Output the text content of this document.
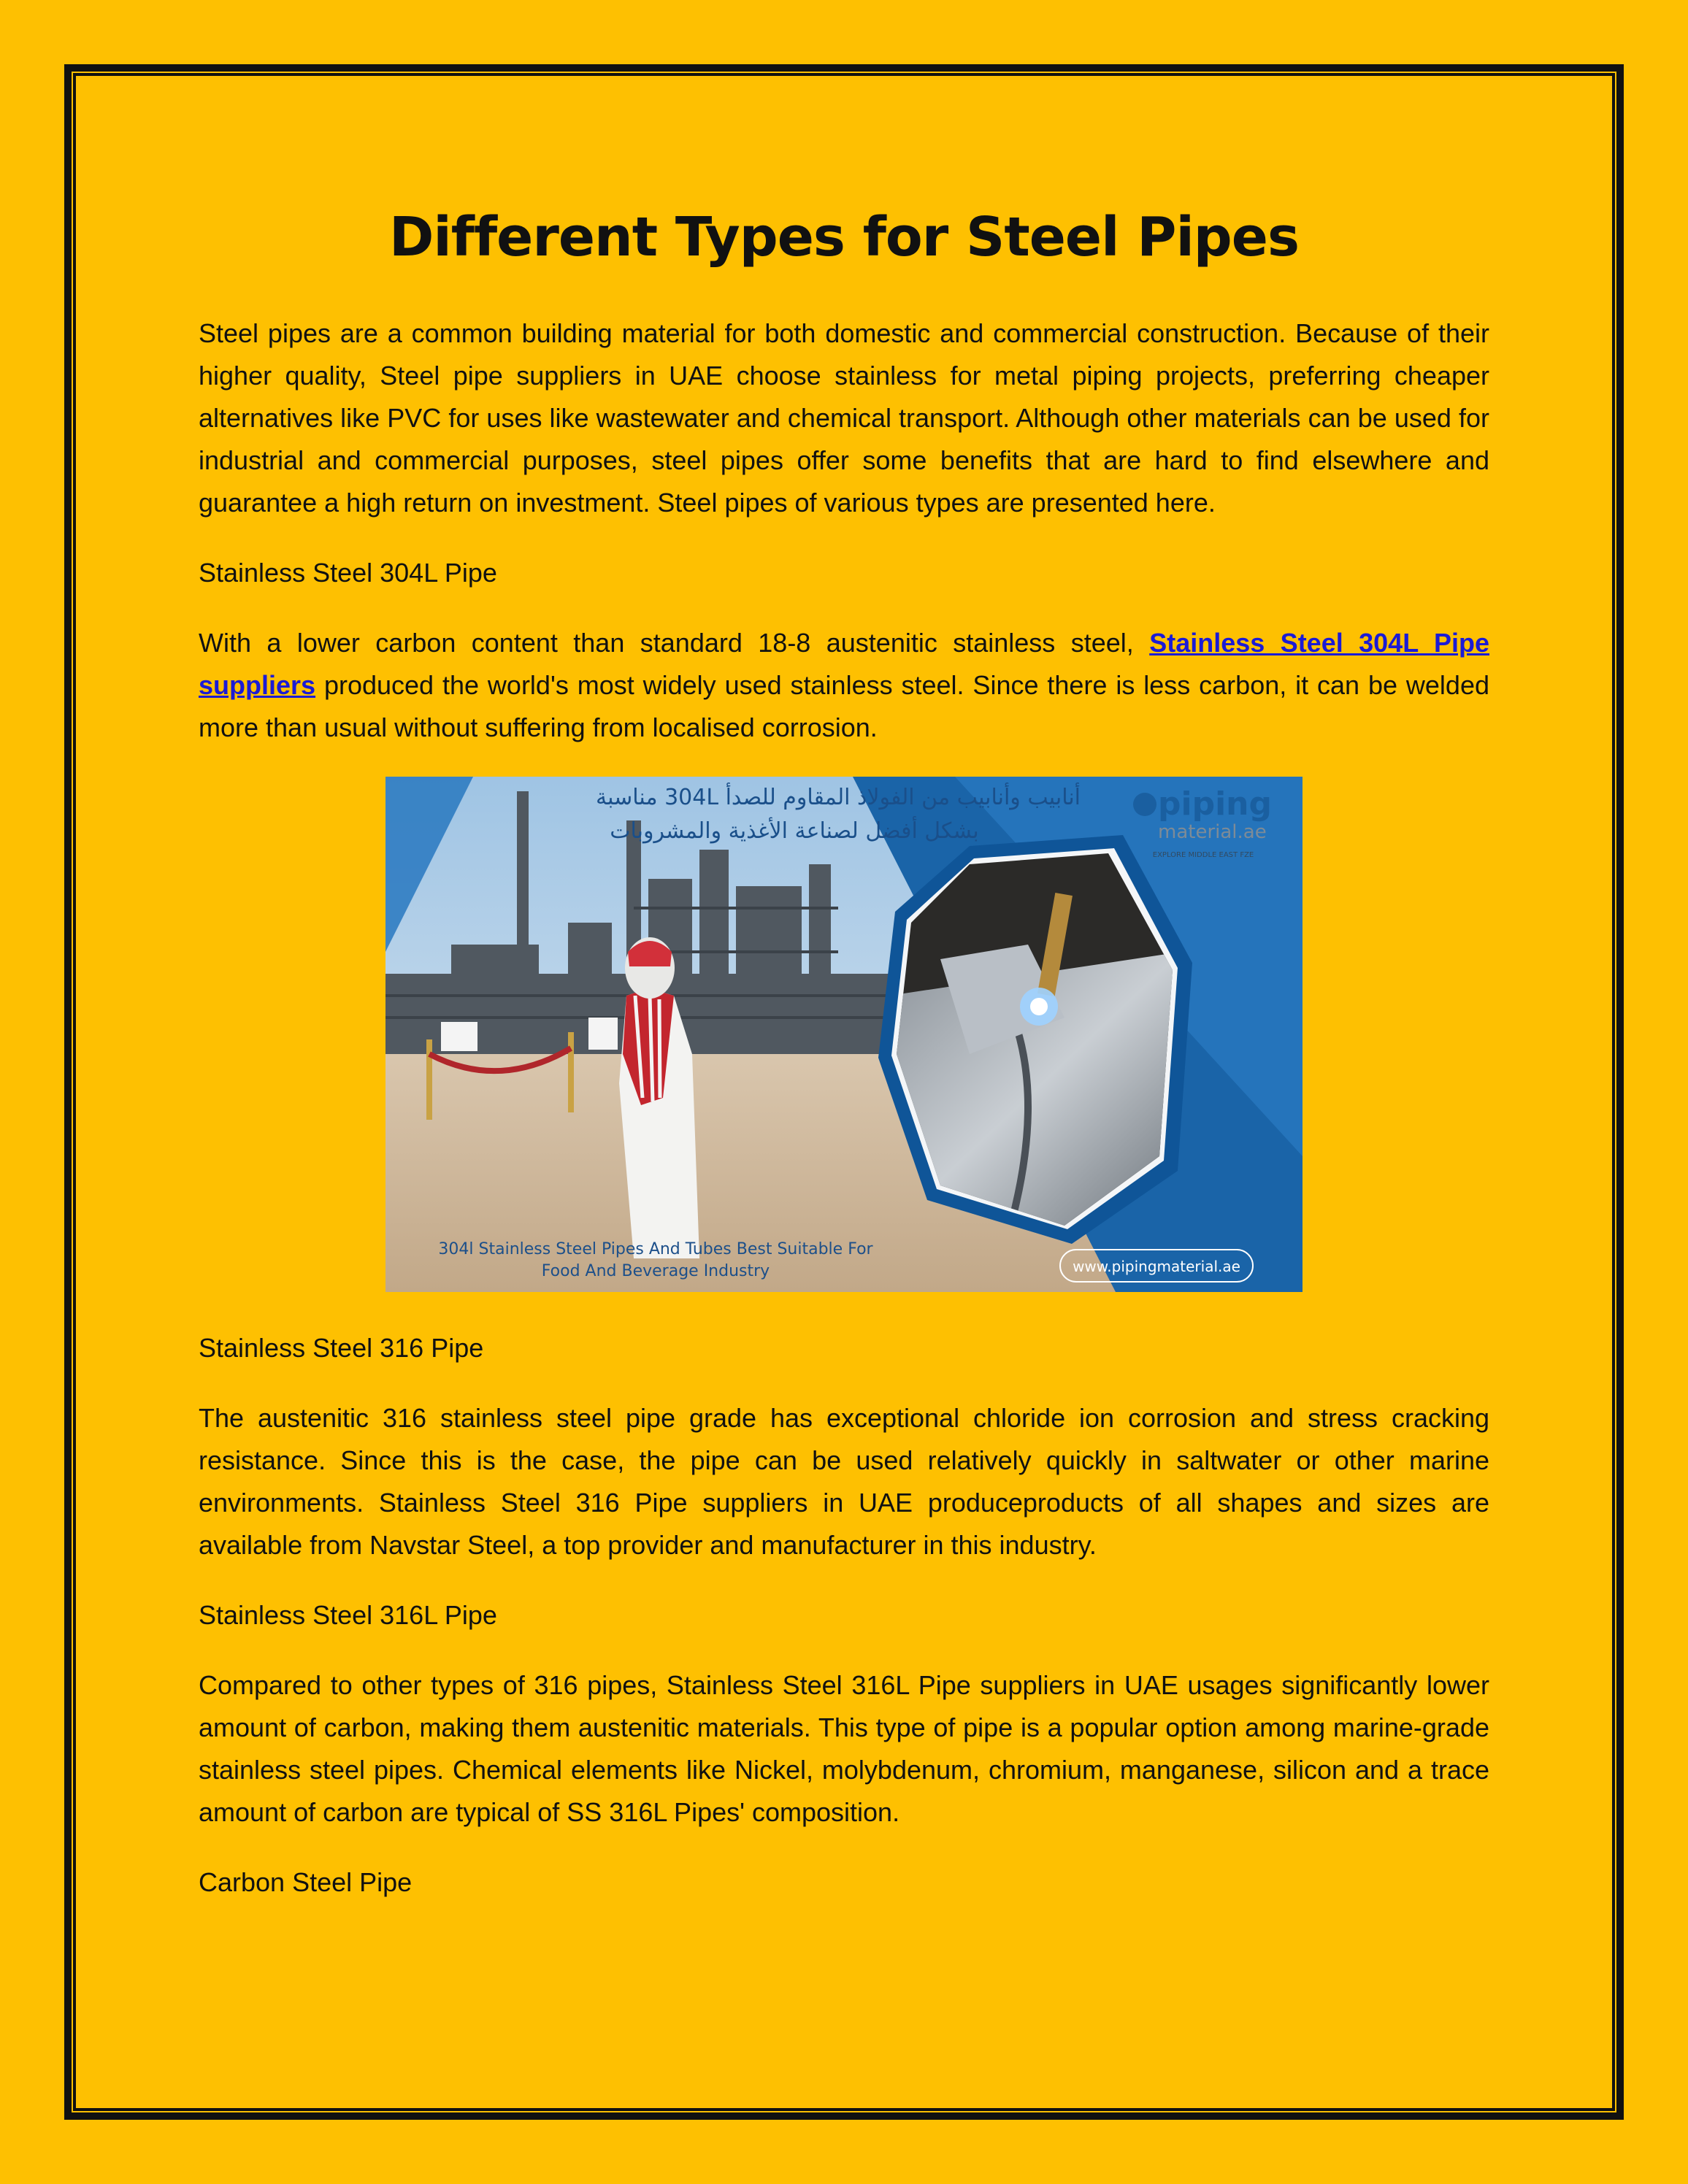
Different Types for Steel Pipes

Steel pipes are a common building material for both domestic and commercial construction. Because of their higher quality, Steel pipe suppliers in UAE choose stainless for metal piping projects, preferring cheaper alternatives like PVC for uses like wastewater and chemical transport. Although other materials can be used for industrial and commercial purposes, steel pipes offer some benefits that are hard to find elsewhere and guarantee a high return on investment. Steel pipes of various types are presented here.

Stainless Steel 304L Pipe

With a lower carbon content than standard 18-8 austenitic stainless steel, Stainless Steel 304L Pipe suppliers produced the world's most widely used stainless steel. Since there is less carbon, it can be welded more than usual without suffering from localised corrosion.

piping
material.ae
EXPLORE MIDDLE EAST FZE
أنابيب وأنابيب من الفولاذ المقاوم للصدأ 304L مناسبة
بشكل أفضل لصناعة الأغذية والمشروبات
304l Stainless Steel Pipes And Tubes Best Suitable For
Food And Beverage Industry	www.pipingmaterial.ae

Stainless Steel 316 Pipe

The austenitic 316 stainless steel pipe grade has exceptional chloride ion corrosion and stress cracking resistance. Since this is the case, the pipe can be used relatively quickly in saltwater or other marine environments. Stainless Steel 316 Pipe suppliers in UAE produceproducts of all shapes and sizes are available from Navstar Steel, a top provider and manufacturer in this industry.

Stainless Steel 316L Pipe

Compared to other types of 316 pipes, Stainless Steel 316L Pipe suppliers in UAE usages significantly lower amount of carbon, making them austenitic materials. This type of pipe is a popular option among marine-grade stainless steel pipes. Chemical elements like Nickel, molybdenum, chromium, manganese, silicon and a trace amount of carbon are typical of SS 316L Pipes' composition.

Carbon Steel Pipe
